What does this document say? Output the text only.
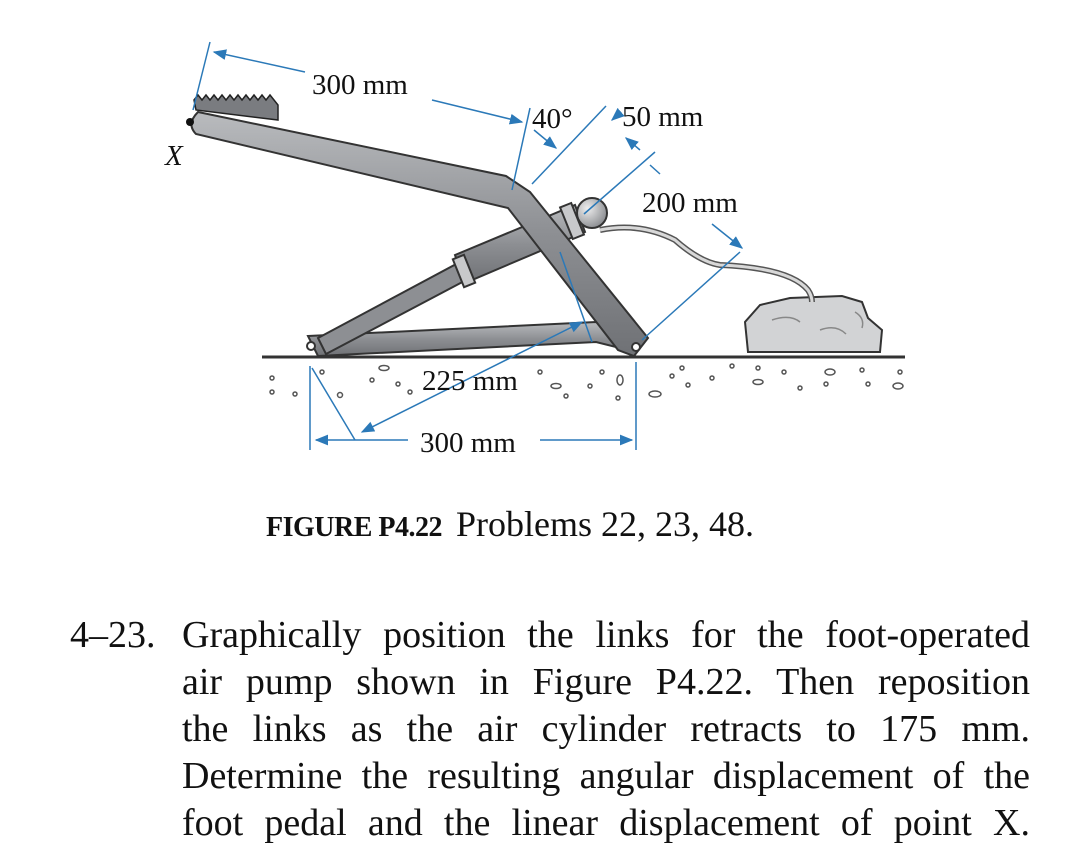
X
300 mm
40° 50 mm
200 mm
225 mm
300 mm
FIGURE P4.22 Problems 22, 23, 48.
4–23. Graphically position the links for the foot-operated
air pump shown in Figure P4.22. Then reposition
the links as the air cylinder retracts to 175 mm.
Determine the resulting angular displacement of the
foot pedal and the linear displacement of point X.
